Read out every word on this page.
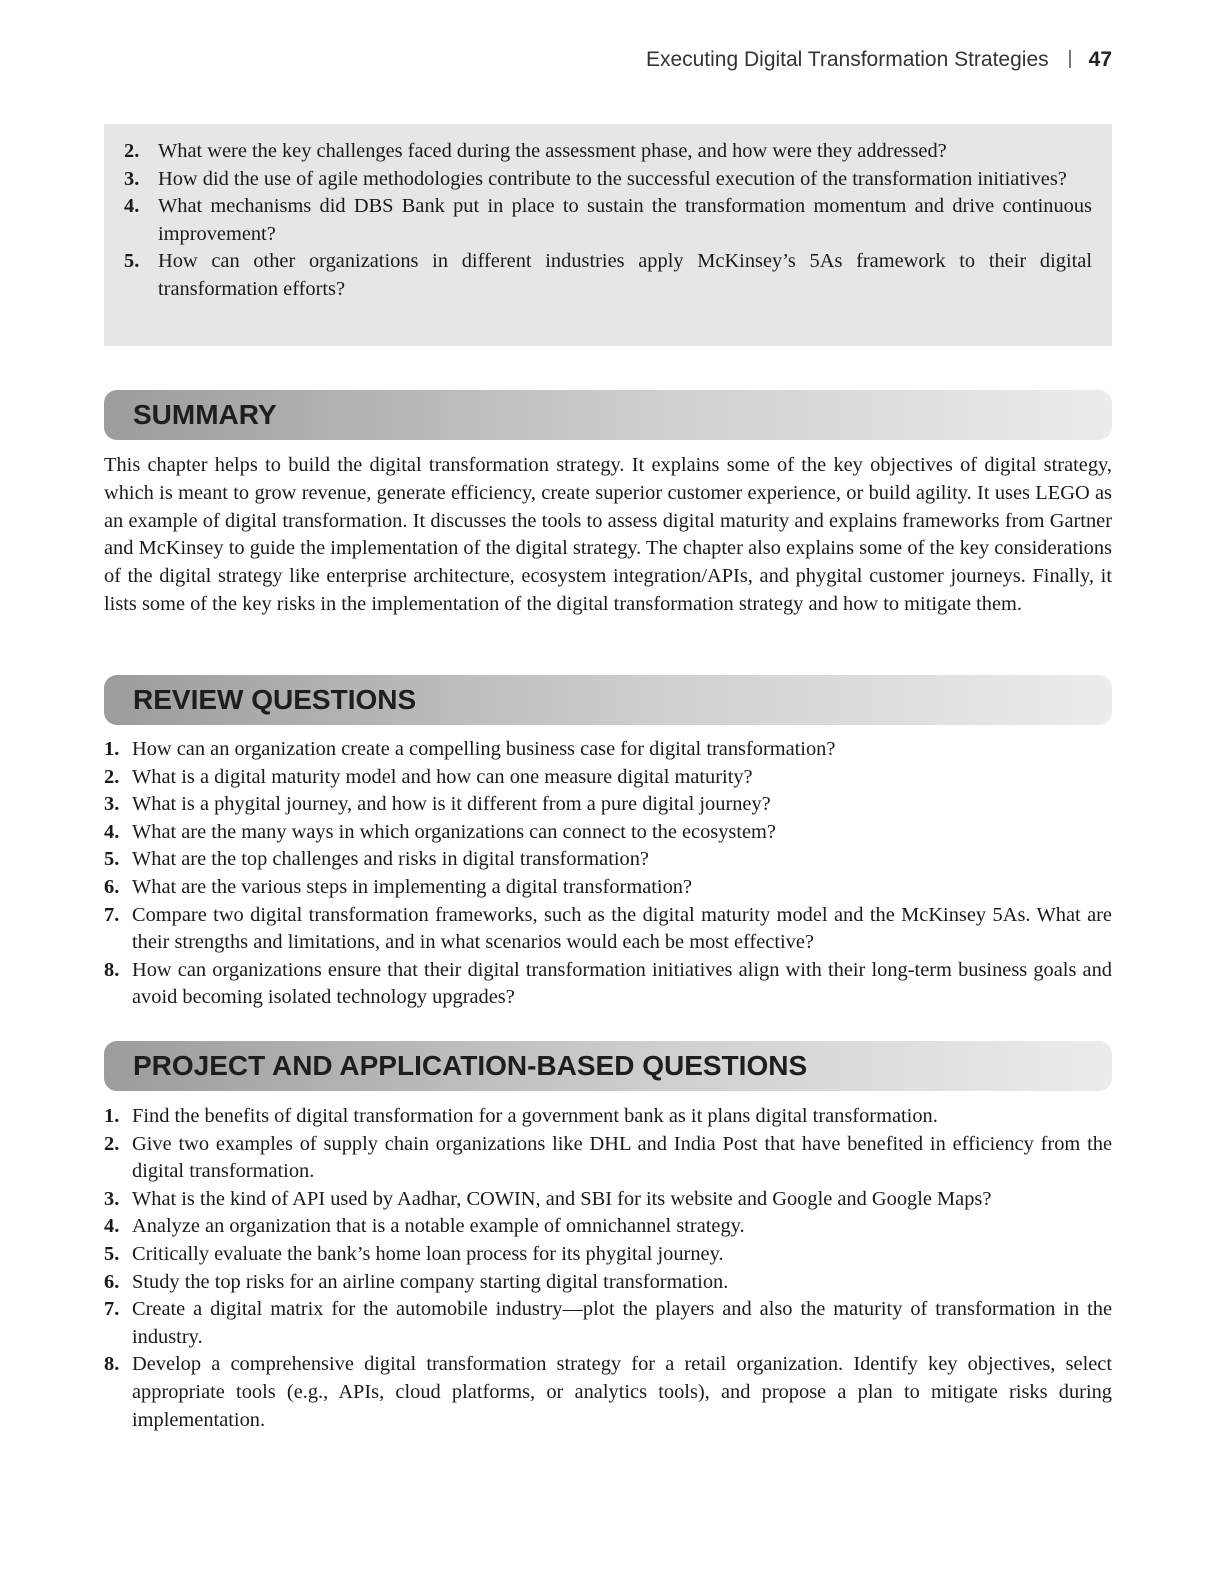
Executing Digital Transformation Strategies 47
2. What were the key challenges faced during the assessment phase, and how were they addressed?
3. How did the use of agile methodologies contribute to the successful execution of the transformation initiatives?
4. What mechanisms did DBS Bank put in place to sustain the transformation momentum and drive continuous improvement?
5. How can other organizations in different industries apply McKinsey’s 5As framework to their digital transformation efforts?
SUMMARY

This chapter helps to build the digital transformation strategy. It explains some of the key objectives of digital strategy, which is meant to grow revenue, generate efficiency, create superior customer experience, or build agility. It uses LEGO as an example of digital transformation. It discusses the tools to assess digital maturity and explains frameworks from Gartner and McKinsey to guide the implementation of the digital strategy. The chapter also explains some of the key considerations of the digital strategy like enterprise architecture, ecosystem integration/APIs, and phygital customer journeys. Finally, it lists some of the key risks in the implementation of the digital transformation strategy and how to mitigate them.

REVIEW QUESTIONS
1. How can an organization create a compelling business case for digital transformation?
2. What is a digital maturity model and how can one measure digital maturity?
3. What is a phygital journey, and how is it different from a pure digital journey?
4. What are the many ways in which organizations can connect to the ecosystem?
5. What are the top challenges and risks in digital transformation?
6. What are the various steps in implementing a digital transformation?
7. Compare two digital transformation frameworks, such as the digital maturity model and the McKinsey 5As. What are their strengths and limitations, and in what scenarios would each be most effective?
8. How can organizations ensure that their digital transformation initiatives align with their long-term business goals and avoid becoming isolated technology upgrades?
PROJECT AND APPLICATION-BASED QUESTIONS
1. Find the benefits of digital transformation for a government bank as it plans digital transformation.
2. Give two examples of supply chain organizations like DHL and India Post that have benefited in efficiency from the digital transformation.
3. What is the kind of API used by Aadhar, COWIN, and SBI for its website and Google and Google Maps?
4. Analyze an organization that is a notable example of omnichannel strategy.
5. Critically evaluate the bank’s home loan process for its phygital journey.
6. Study the top risks for an airline company starting digital transformation.
7. Create a digital matrix for the automobile industry—plot the players and also the maturity of transformation in the industry.
8. Develop a comprehensive digital transformation strategy for a retail organization. Identify key objectives, select appropriate tools (e.g., APIs, cloud platforms, or analytics tools), and propose a plan to mitigate risks during implementation.
